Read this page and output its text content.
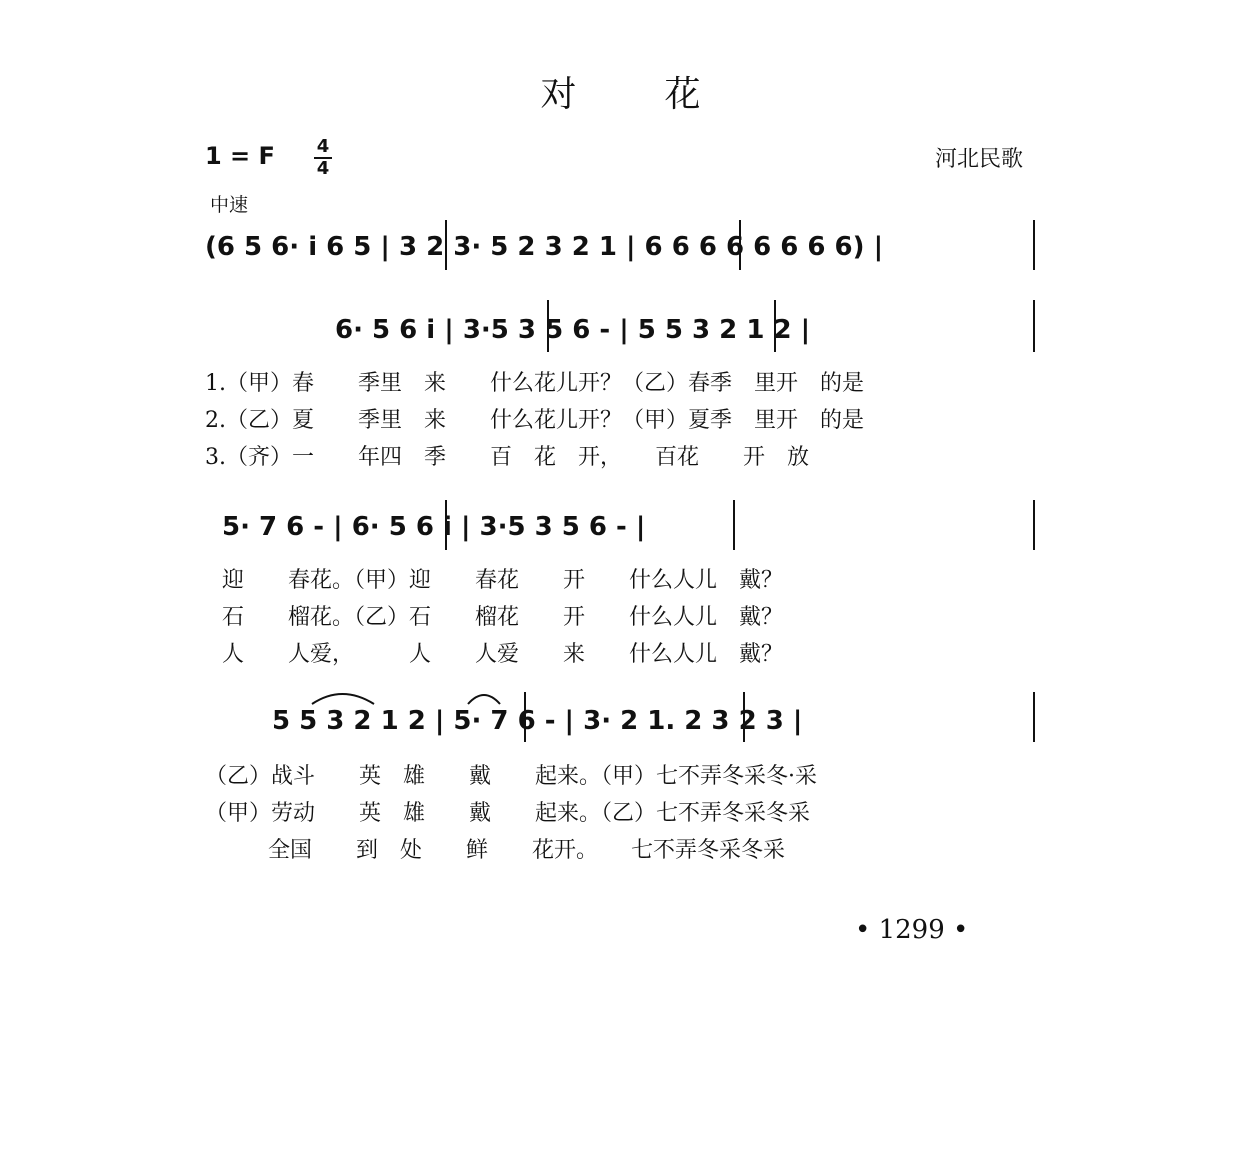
对 花
1 = F 4
4	河北民歌
中速
(6 5 6· i 6 5 | 3 2 3· 5 2 3 2 1 | 6 6 6 6 6 6 6 6) |
6· 5 6 i | 3·5 3 5 6 - | 5 5 3 2 1 2 |
5· 7 6 - | 6· 5 6 i | 3·5 3 5 6 - |
5 5 3 2 1 2 | 5· 7 6 - | 3· 2 1. 2 3 2 3 |
1.（甲）春　　季里　来　　什么花儿开？（乙）春季　里开　的是
2.（乙）夏　　季里　来　　什么花儿开？（甲）夏季　里开　的是
3.（齐）一　　年四　季　　百　花　开，　　百花　　开　放
迎　　春花。（甲）迎　　春花　　开　　什么人儿　戴？
石　　榴花。（乙）石　　榴花　　开　　什么人儿　戴？
人　　人爱，　　　人　　人爱　　来　　什么人儿　戴？
（乙）战斗　　英　雄　　戴　　起来。（甲）七不弄冬采冬·采
（甲）劳动　　英　雄　　戴　　起来。（乙）七不弄冬采冬采
全国　　到　处　　鲜　　花开。　　七不弄冬采冬采
• 1299 •
